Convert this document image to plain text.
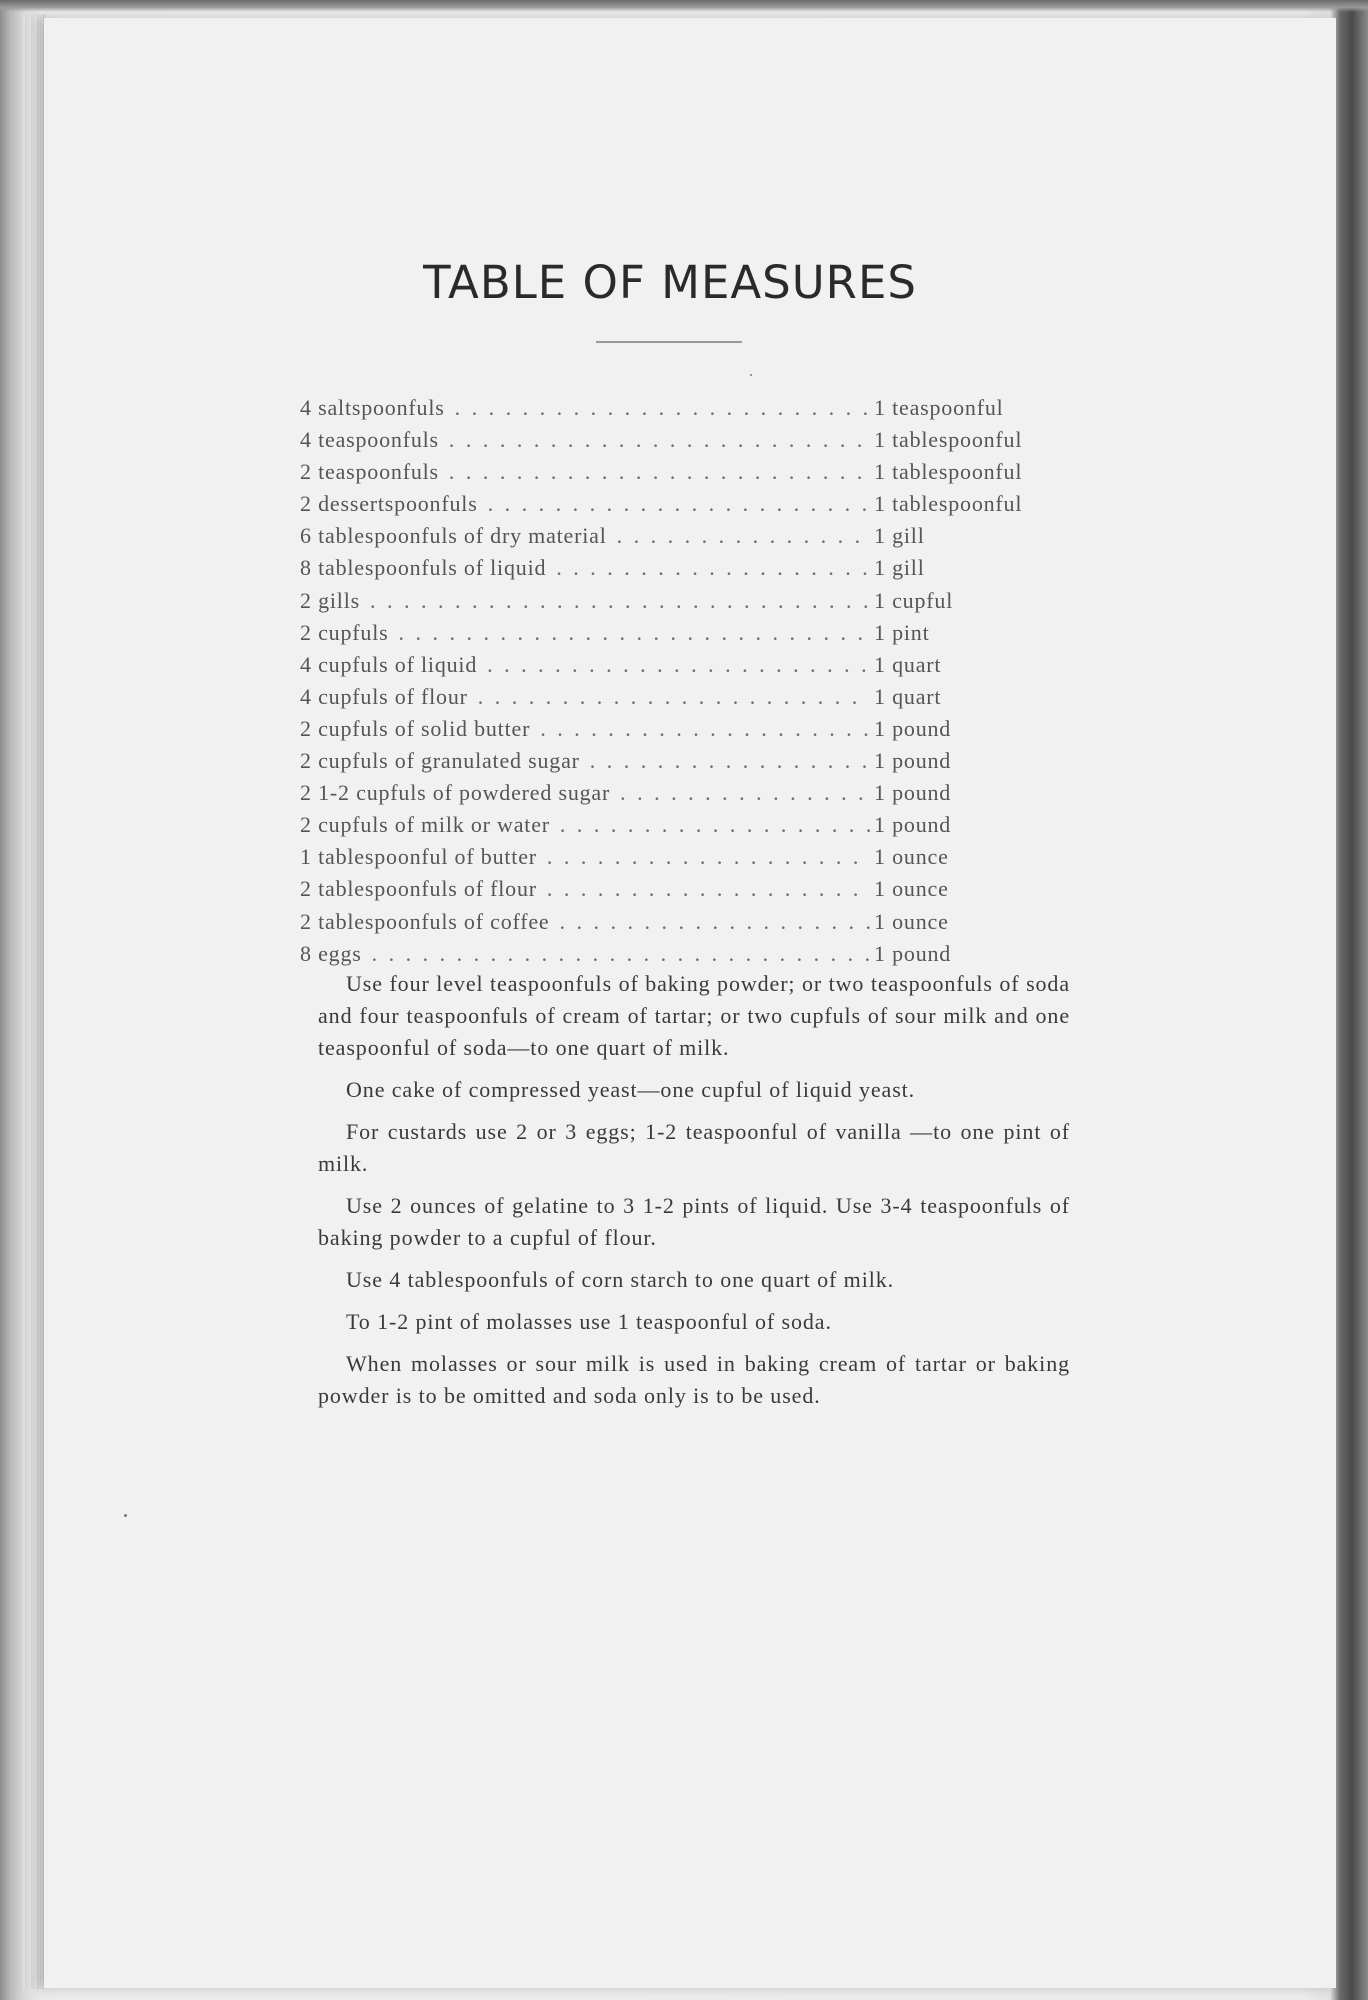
TABLE OF MEASURES
4 saltspoonfuls . . .	1 teaspoonful
4 teaspoonfuls . . .	1 tablespoonful
2 teaspoonfuls . . .	1 tablespoonful
2 dessertspoonfuls . . .	1 tablespoonful
6 tablespoonfuls of dry material . . .	1 gill
8 tablespoonfuls of liquid . . .	1 gill
2 gills . . .	1 cupful
2 cupfuls . . .	1 pint
4 cupfuls of liquid . . .	1 quart
4 cupfuls of flour . . .	1 quart
2 cupfuls of solid butter . . .	1 pound
2 cupfuls of granulated sugar . . .	1 pound
2 1-2 cupfuls of powdered sugar . . .	1 pound
2 cupfuls of milk or water . . .	1 pound
1 tablespoonful of butter . . .	1 ounce
2 tablespoonfuls of flour . . .	1 ounce
2 tablespoonfuls of coffee . . .	1 ounce
8 eggs . . .	1 pound

Use four level teaspoonfuls of baking powder; or two teaspoonfuls of soda and four teaspoonfuls of cream of tartar; or two cupfuls of sour milk and one teaspoonful of soda—to one quart of milk.

One cake of compressed yeast—one cupful of liquid yeast.

For custards use 2 or 3 eggs; 1-2 teaspoonful of vanilla —to one pint of milk.

Use 2 ounces of gelatine to 3 1-2 pints of liquid. Use 3-4 teaspoonfuls of baking powder to a cupful of flour.

Use 4 tablespoonfuls of corn starch to one quart of milk.

To 1-2 pint of molasses use 1 teaspoonful of soda.

When molasses or sour milk is used in baking cream of tartar or baking powder is to be omitted and soda only is to be used.
